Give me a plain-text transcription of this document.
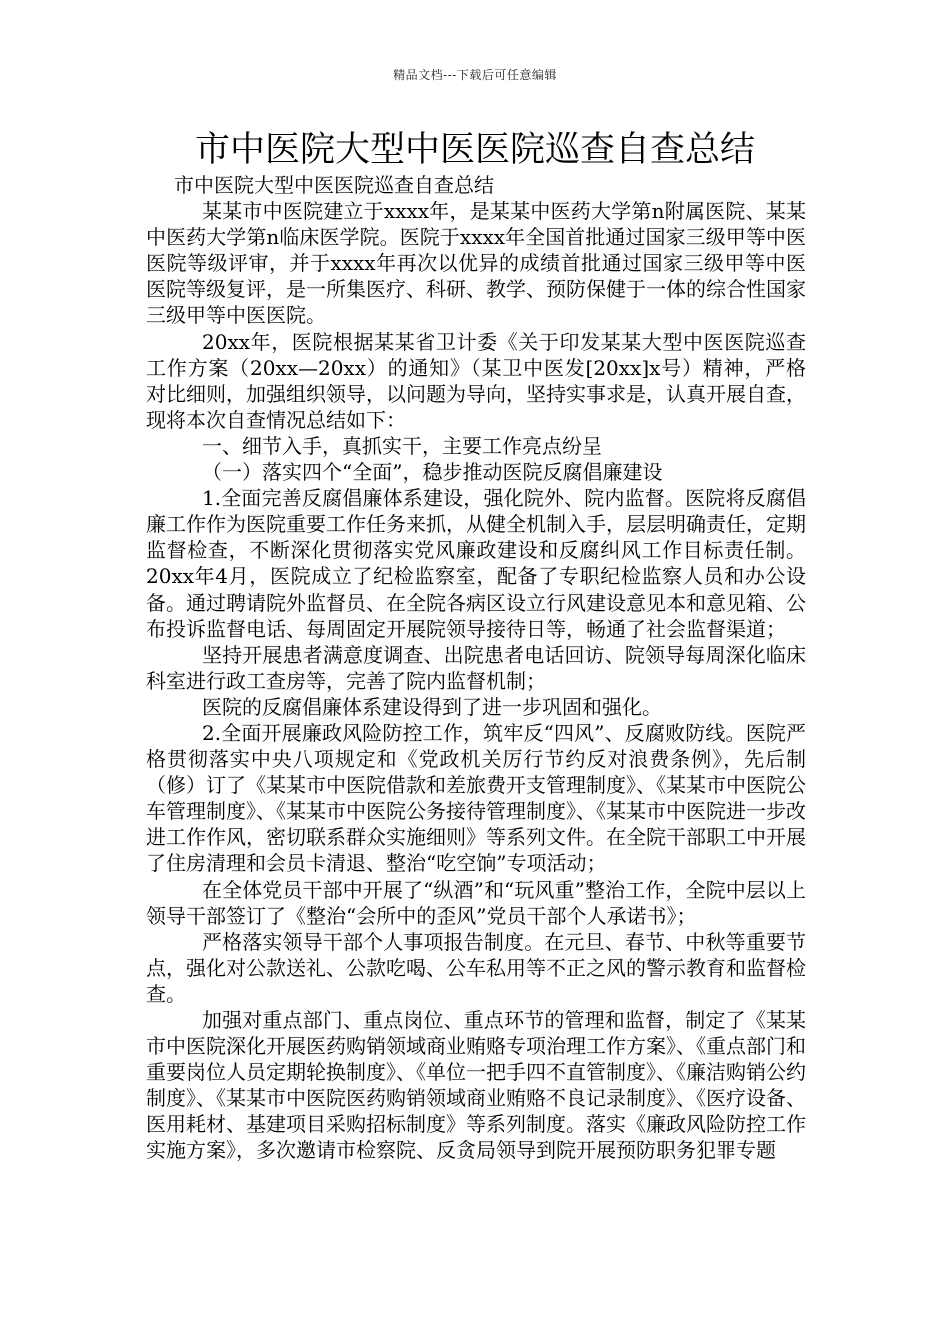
精品文档---下载后可任意编辑
市中医院大型中医医院巡查自查总结

市中医院大型中医医院巡查自查总结

某某市中医院建立于xxxx年，是某某中医药大学第n附属医院、某某中医药大学第n临床医学院。医院于xxxx年全国首批通过国家三级甲等中医医院等级评审，并于xxxx年再次以优异的成绩首批通过国家三级甲等中医医院等级复评，是一所集医疗、科研、教学、预防保健于一体的综合性国家三级甲等中医医院。

20xx年，医院根据某某省卫计委《关于印发某某大型中医医院巡查工作方案（20xx—20xx）的通知》（某卫中医发[20xx]x号）精神，严格对比细则，加强组织领导，以问题为导向，坚持实事求是，认真开展自查，现将本次自查情况总结如下：

一、细节入手，真抓实干，主要工作亮点纷呈

（一）落实四个“全面”，稳步推动医院反腐倡廉建设

1.全面完善反腐倡廉体系建设，强化院外、院内监督。医院将反腐倡廉工作作为医院重要工作任务来抓，从健全机制入手，层层明确责任，定期监督检查，不断深化贯彻落实党风廉政建设和反腐纠风工作目标责任制。20xx年4月，医院成立了纪检监察室，配备了专职纪检监察人员和办公设备。通过聘请院外监督员、在全院各病区设立行风建设意见本和意见箱、公布投诉监督电话、每周固定开展院领导接待日等，畅通了社会监督渠道；

坚持开展患者满意度调查、出院患者电话回访、院领导每周深化临床科室进行政工查房等，完善了院内监督机制；

医院的反腐倡廉体系建设得到了进一步巩固和强化。

2.全面开展廉政风险防控工作，筑牢反“四风”、反腐败防线。医院严格贯彻落实中央八项规定和《党政机关厉行节约反对浪费条例》，先后制（修）订了《某某市中医院借款和差旅费开支管理制度》、《某某市中医院公车管理制度》、《某某市中医院公务接待管理制度》、《某某市中医院进一步改进工作作风，密切联系群众实施细则》等系列文件。在全院干部职工中开展了住房清理和会员卡清退、整治“吃空饷”专项活动；

在全体党员干部中开展了“纵酒”和“玩风重”整治工作，全院中层以上领导干部签订了《整治“会所中的歪风”党员干部个人承诺书》；

严格落实领导干部个人事项报告制度。在元旦、春节、中秋等重要节点，强化对公款送礼、公款吃喝、公车私用等不正之风的警示教育和监督检查。

加强对重点部门、重点岗位、重点环节的管理和监督，制定了《某某市中医院深化开展医药购销领域商业贿赂专项治理工作方案》、《重点部门和重要岗位人员定期轮换制度》、《单位一把手四不直管制度》、《廉洁购销公约制度》、《某某市中医院医药购销领域商业贿赂不良记录制度》、《医疗设备、医用耗材、基建项目采购招标制度》等系列制度。落实《廉政风险防控工作实施方案》，多次邀请市检察院、反贪局领导到院开展预防职务犯罪专题
